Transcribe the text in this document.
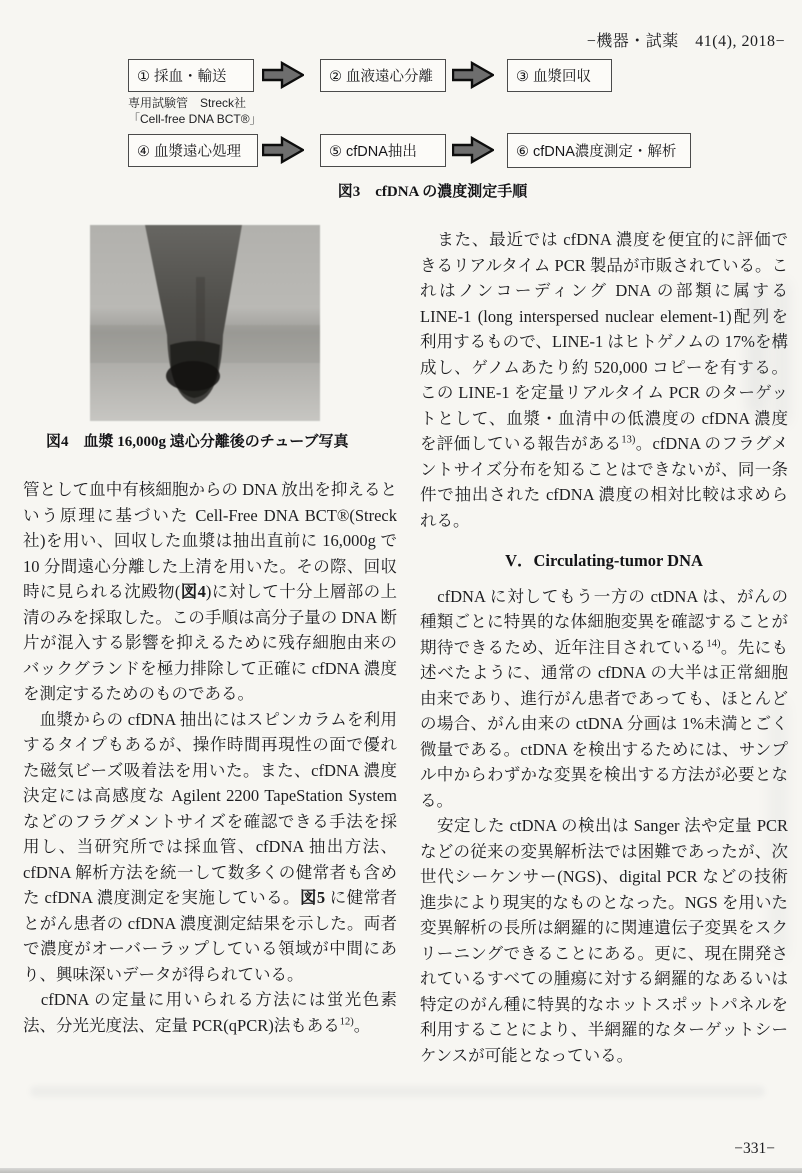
−機器・試薬　41(4), 2018−
① 採血・輸送	② 血液遠心分離	③ 血漿回収
専用試験管　Streck社
「Cell-free DNA BCT®」
④ 血漿遠心処理	⑤ cfDNA抽出	⑥ cfDNA濃度測定・解析
図3　cfDNA の濃度測定手順
図4　血漿 16,000g 遠心分離後のチューブ写真

管として血中有核細胞からの DNA 放出を抑えるという原理に基づいた Cell-Free DNA BCT®(Streck 社)を用い、回収した血漿は抽出直前に 16,000g で 10 分間遠心分離した上清を用いた。その際、回収時に見られる沈殿物(図4)に対して十分上層部の上清のみを採取した。この手順は高分子量の DNA 断片が混入する影響を抑えるために残存細胞由来のバックグランドを極力排除して正確に cfDNA 濃度を測定するためのものである。

　血漿からの cfDNA 抽出にはスピンカラムを利用するタイプもあるが、操作時間再現性の面で優れた磁気ビーズ吸着法を用いた。また、cfDNA 濃度決定には高感度な Agilent 2200 TapeStation System などのフラグメントサイズを確認できる手法を採用し、当研究所では採血管、cfDNA 抽出方法、cfDNA 解析方法を統一して数多くの健常者も含めた cfDNA 濃度測定を実施している。図5 に健常者とがん患者の cfDNA 濃度測定結果を示した。両者で濃度がオーバーラップしている領域が中間にあり、興味深いデータが得られている。

　cfDNA の定量に用いられる方法には蛍光色素法、分光光度法、定量 PCR(qPCR)法もある$^{12)}$。

　また、最近では cfDNA 濃度を便宜的に評価できるリアルタイム PCR 製品が市販されている。これはノンコーディング DNA の部類に属する LINE-1 (long interspersed nuclear element-1)配列を利用するもので、LINE-1 はヒトゲノムの 17%を構成し、ゲノムあたり約 520,000 コピーを有する。この LINE-1 を定量リアルタイム PCR のターゲットとして、血漿・血清中の低濃度の cfDNA 濃度を評価している報告がある$^{13)}$。cfDNA のフラグメントサイズ分布を知ることはできないが、同一条件で抽出された cfDNA 濃度の相対比較は求められる。

V．Circulating-tumor DNA

　cfDNA に対してもう一方の ctDNA は、がんの種類ごとに特異的な体細胞変異を確認することが期待できるため、近年注目されている$^{14)}$。先にも述べたように、通常の cfDNA の大半は正常細胞由来であり、進行がん患者であっても、ほとんどの場合、がん由来の ctDNA 分画は 1%未満とごく微量である。ctDNA を検出するためには、サンプル中からわずかな変異を検出する方法が必要となる。

　安定した ctDNA の検出は Sanger 法や定量 PCR などの従来の変異解析法では困難であったが、次世代シーケンサー(NGS)、digital PCR などの技術進歩により現実的なものとなった。NGS を用いた変異解析の長所は網羅的に関連遺伝子変異をスクリーニングできることにある。更に、現在開発されているすべての腫瘍に対する網羅的なあるいは特定のがん種に特異的なホットスポットパネルを利用することにより、半網羅的なターゲットシーケンスが可能となっている。

−331−
